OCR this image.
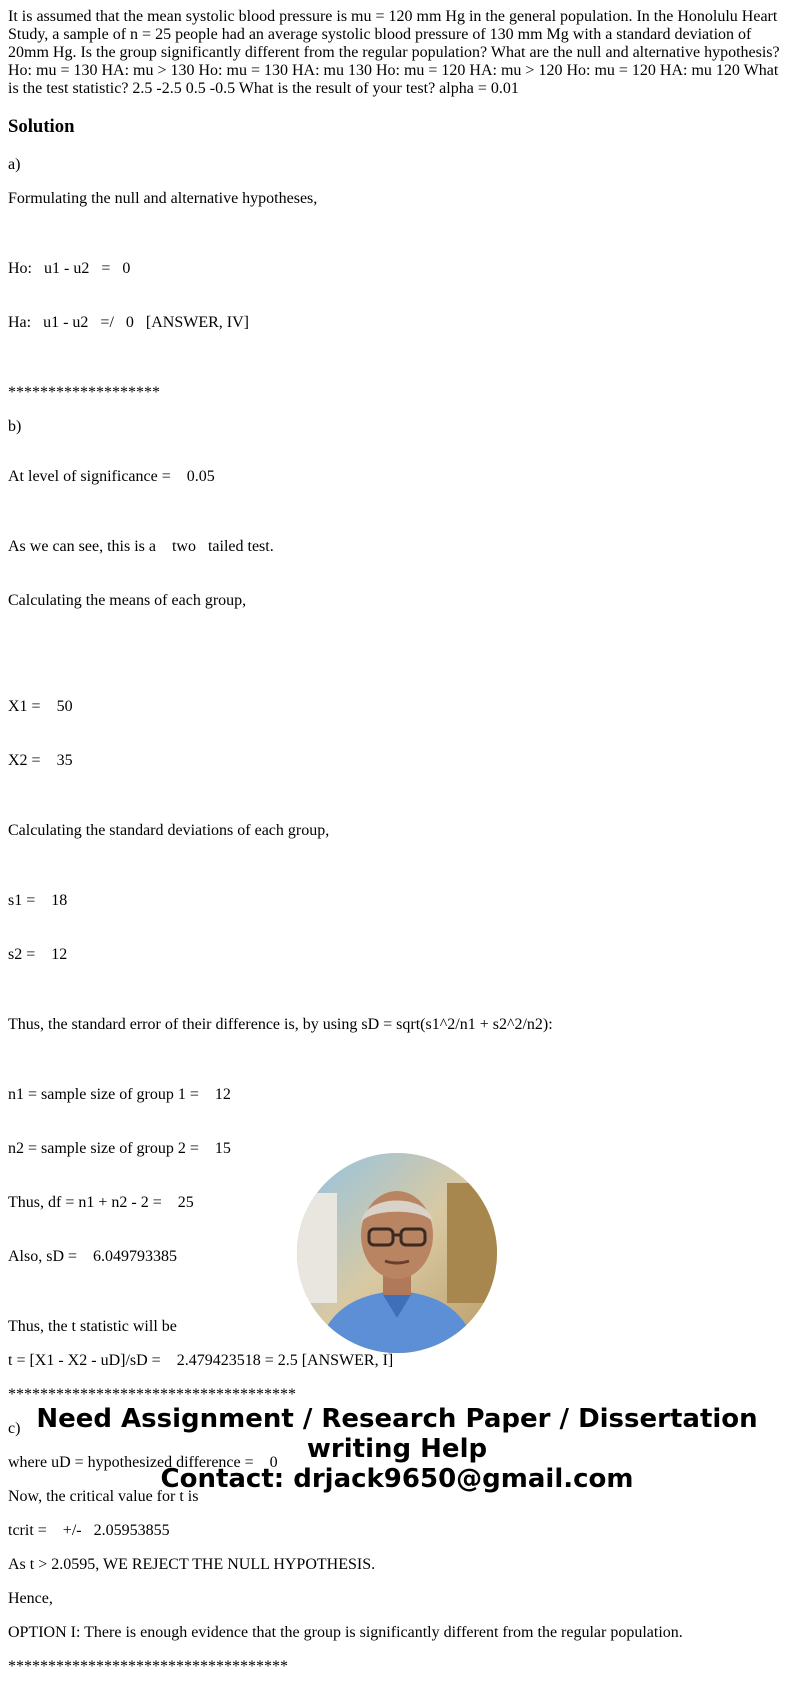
It is assumed that the mean systolic blood pressure is mu = 120 mm Hg in the general population. In the Honolulu Heart Study, a sample of n = 25 people had an average systolic blood pressure of 130 mm Mg with a standard deviation of 20mm Hg. Is the group significantly different from the regular population? What are the null and alternative hypothesis? Ho: mu = 130 HA: mu > 130 Ho: mu = 130 HA: mu 130 Ho: mu = 120 HA: mu > 120 Ho: mu = 120 HA: mu 120 What is the test statistic? 2.5 -2.5 0.5 -0.5 What is the result of your test? alpha = 0.01

Solution

a)

Formulating the null and alternative hypotheses,

Ho:   u1 - u2   =   0

Ha:   u1 - u2   =/   0   [ANSWER, IV]

*******************

b)

At level of significance =    0.05

As we can see, this is a    two   tailed test.

Calculating the means of each group,

X1 =    50

X2 =    35

Calculating the standard deviations of each group,

s1 =    18

s2 =    12

Thus, the standard error of their difference is, by using sD = sqrt(s1^2/n1 + s2^2/n2):

n1 = sample size of group 1 =    12

n2 = sample size of group 2 =    15

Thus, df = n1 + n2 - 2 =    25

Also, sD =    6.049793385

Thus, the t statistic will be

t = [X1 - X2 - uD]/sD =    2.479423518 = 2.5 [ANSWER, I]

************************************

c)

where uD = hypothesized difference =    0

Now, the critical value for t is

tcrit =    +/-   2.05953855

As t > 2.0595, WE REJECT THE NULL HYPOTHESIS.

Hence,

OPTION I: There is enough evidence that the group is significantly different from the regular population.

***********************************

Need Assignment / Research Paper / Dissertation
writing Help
Contact: drjack9650@gmail.com
